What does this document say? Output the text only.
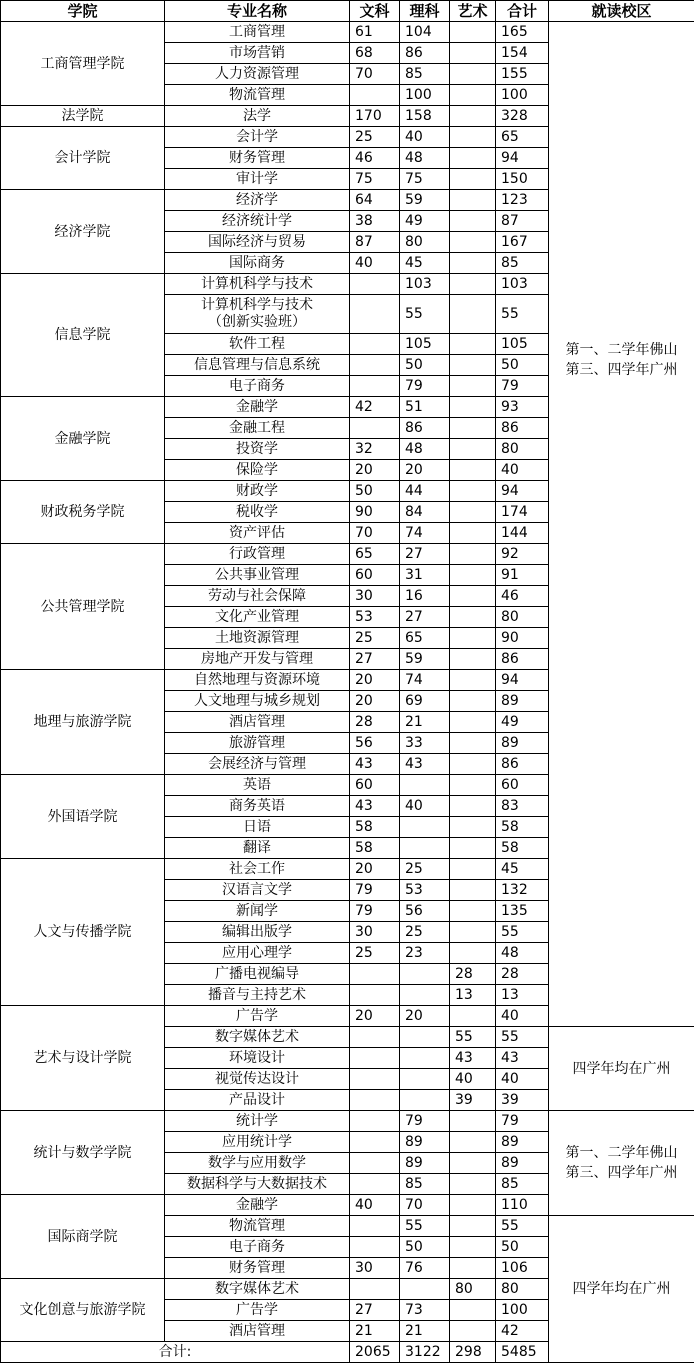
学院	专业名称	文科	理科	艺术	合计	就读校区	
工商管理学院	工商管理	61	104		165	第一、二学年佛山
第三、四学年广州	
	市场营销	68	86		154		
	人力资源管理	70	85		155		
	物流管理		100		100		
法学院	法学	170	158		328		
会计学院	会计学	25	40		65		
	财务管理	46	48		94		
	审计学	75	75		150		
经济学院	经济学	64	59		123		
	经济统计学	38	49		87		
	国际经济与贸易	87	80		167		
	国际商务	40	45		85		
信息学院	计算机科学与技术		103		103		
	计算机科学与技术
（创新实验班）		55		55		
	软件工程		105		105		
	信息管理与信息系统		50		50		
	电子商务		79		79		
金融学院	金融学	42	51		93		
	金融工程		86		86		
	投资学	32	48		80		
	保险学	20	20		40		
财政税务学院	财政学	50	44		94		
	税收学	90	84		174		
	资产评估	70	74		144		
公共管理学院	行政管理	65	27		92		
	公共事业管理	60	31		91		
	劳动与社会保障	30	16		46		
	文化产业管理	53	27		80		
	土地资源管理	25	65		90		
	房地产开发与管理	27	59		86		
地理与旅游学院	自然地理与资源环境	20	74		94		
	人文地理与城乡规划	20	69		89		
	酒店管理	28	21		49		
	旅游管理	56	33		89		
	会展经济与管理	43	43		86		
外国语学院	英语	60			60		
	商务英语	43	40		83		
	日语	58			58		
	翻译	58			58		
人文与传播学院	社会工作	20	25		45		
	汉语言文学	79	53		132		
	新闻学	79	56		135		
	编辑出版学	30	25		55		
	应用心理学	25	23		48		
	广播电视编导			28	28		
	播音与主持艺术			13	13		
艺术与设计学院	广告学	20	20		40		
	数字媒体艺术			55	55	四学年均在广州	
	环境设计			43	43		
	视觉传达设计			40	40		
	产品设计			39	39		
统计与数学学院	统计学		79		79	第一、二学年佛山
第三、四学年广州	
	应用统计学		89		89		
	数学与应用数学		89		89		
	数据科学与大数据技术		85		85		
国际商学院	金融学	40	70		110		
	物流管理		55		55	四学年均在广州	
	电子商务		50		50		
	财务管理	30	76		106		
文化创意与旅游学院	数字媒体艺术			80	80		
	广告学	27	73		100		
	酒店管理	21	21		42		
合计:		2065	3122	298	5485		
